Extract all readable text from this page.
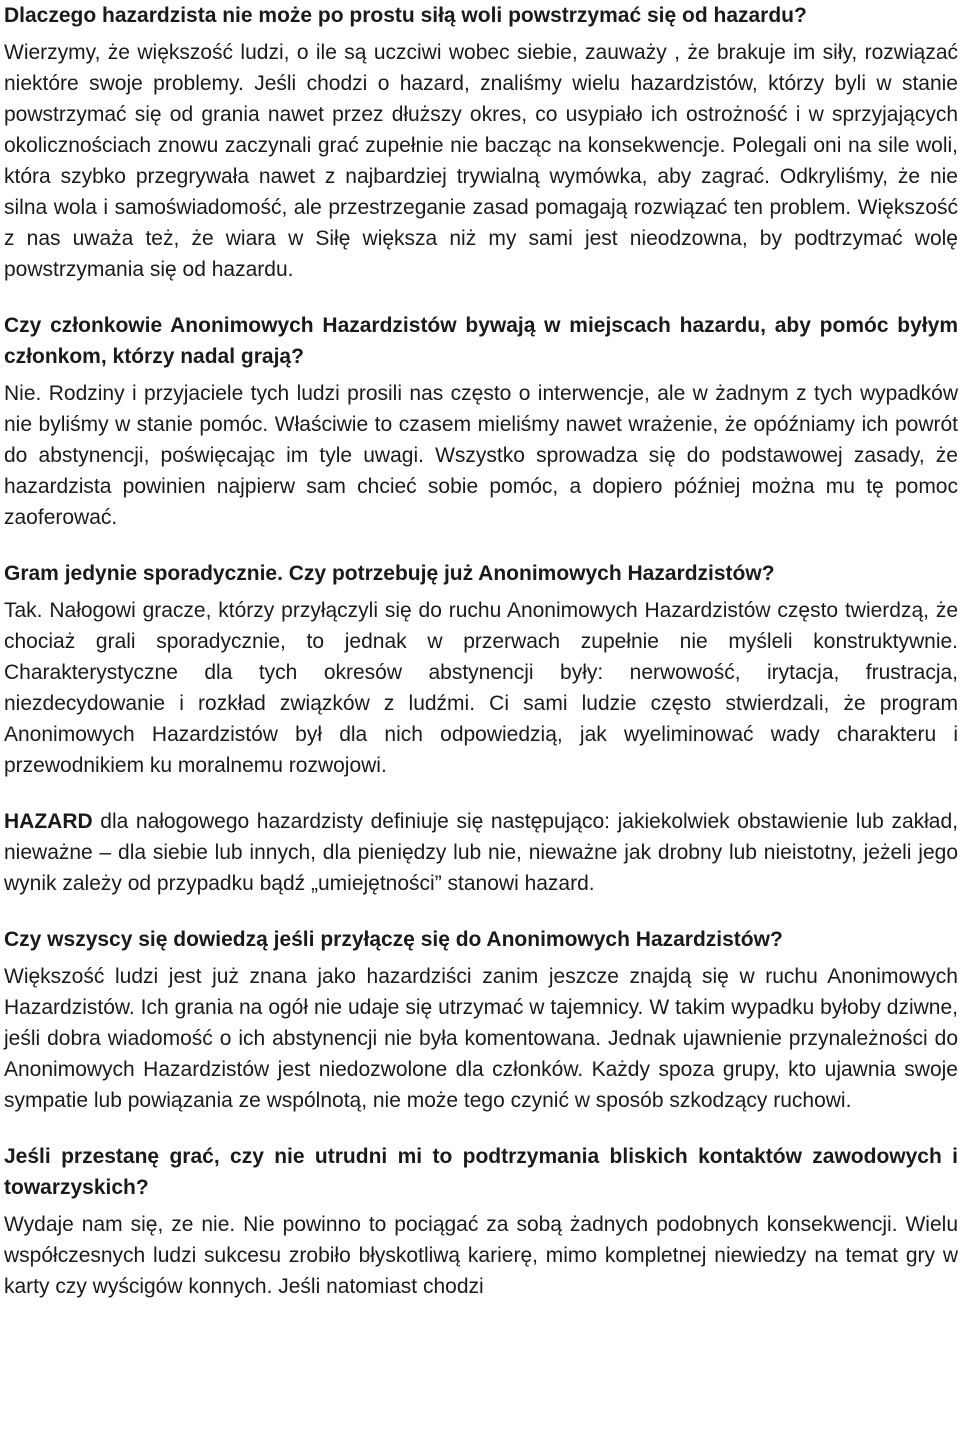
Dlaczego hazardzista nie może po prostu siłą woli powstrzymać się od hazardu?

Wierzymy, że większość ludzi, o ile są uczciwi wobec siebie, zauważy , że brakuje im siły, rozwiązać niektóre swoje problemy. Jeśli chodzi o hazard, znaliśmy wielu hazardzistów, którzy byli w stanie powstrzymać się od grania nawet przez dłuższy okres, co usypiało ich ostrożność i w sprzyjających okolicznościach znowu zaczynali grać zupełnie nie bacząc na konsekwencje. Polegali oni na sile woli, która szybko przegrywała nawet z najbardziej trywialną wymówka, aby zagrać. Odkryliśmy, że nie silna wola i samoświadomość, ale przestrzeganie zasad pomagają rozwiązać ten problem. Większość z nas uważa też, że wiara w Siłę większa niż my sami jest nieodzowna, by podtrzymać wolę powstrzymania się od hazardu.

Czy członkowie Anonimowych Hazardzistów bywają w miejscach hazardu, aby pomóc byłym członkom, którzy nadal grają?

Nie. Rodziny i przyjaciele tych ludzi prosili nas często o interwencje, ale w żadnym z tych wypadków nie byliśmy w stanie pomóc. Właściwie to czasem mieliśmy nawet wrażenie, że opóźniamy ich powrót do abstynencji, poświęcając im tyle uwagi. Wszystko sprowadza się do podstawowej zasady, że hazardzista powinien najpierw sam chcieć sobie pomóc, a dopiero później można mu tę pomoc zaoferować.

Gram jedynie sporadycznie. Czy potrzebuję już Anonimowych Hazardzistów?

Tak. Nałogowi gracze, którzy przyłączyli się do ruchu Anonimowych Hazardzistów często twierdzą, że chociaż grali sporadycznie, to jednak w przerwach zupełnie nie myśleli konstruktywnie. Charakterystyczne dla tych okresów abstynencji były: nerwowość, irytacja, frustracja, niezdecydowanie i rozkład związków z ludźmi. Ci sami ludzie często stwierdzali, że program Anonimowych Hazardzistów był dla nich odpowiedzią, jak wyeliminować wady charakteru i przewodnikiem ku moralnemu rozwojowi.

HAZARD dla nałogowego hazardzisty definiuje się następująco: jakiekolwiek obstawienie lub zakład, nieważne – dla siebie lub innych, dla pieniędzy lub nie, nieważne jak drobny lub nieistotny, jeżeli jego wynik zależy od przypadku bądź „umiejętności” stanowi hazard.

Czy wszyscy się dowiedzą jeśli przyłączę się do Anonimowych Hazardzistów?

Większość ludzi jest już znana jako hazardziści zanim jeszcze znajdą się w ruchu Anonimowych Hazardzistów. Ich grania na ogół nie udaje się utrzymać w tajemnicy. W takim wypadku byłoby dziwne, jeśli dobra wiadomość o ich abstynencji nie była komentowana. Jednak ujawnienie przynależności do Anonimowych Hazardzistów jest niedozwolone dla członków. Każdy spoza grupy, kto ujawnia swoje sympatie lub powiązania ze wspólnotą, nie może tego czynić w sposób szkodzący ruchowi.

Jeśli przestanę grać, czy nie utrudni mi to podtrzymania bliskich kontaktów zawodowych i towarzyskich?

Wydaje nam się, ze nie. Nie powinno to pociągać za sobą żadnych podobnych konsekwencji. Wielu współczesnych ludzi sukcesu zrobiło błyskotliwą karierę, mimo kompletnej niewiedzy na temat gry w karty czy wyścigów konnych. Jeśli natomiast chodzi
